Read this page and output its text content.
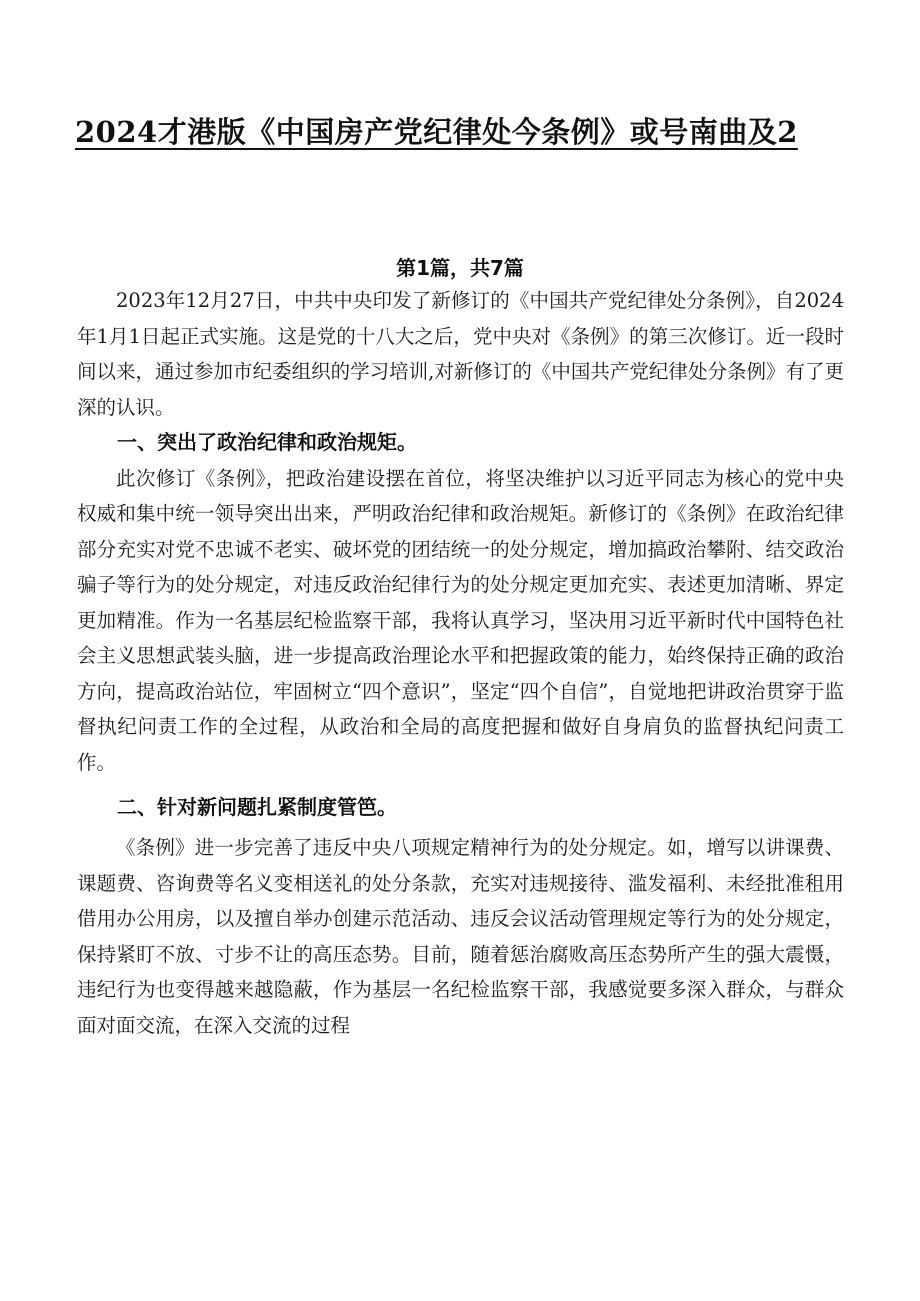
2024才港版《中国房产党纪律处今条例》或号南曲及2
第1篇，共7篇

2023年12月27日，中共中央印发了新修订的《中国共产党纪律处分条例》，自2024年1月1日起正式实施。这是党的十八大之后，党中央对《条例》的第三次修订。近一段时间以来，通过参加市纪委组织的学习培训,对新修订的《中国共产党纪律处分条例》有了更深的认识。

一、突出了政治纪律和政治规矩。

此次修订《条例》，把政治建设摆在首位，将坚决维护以习近平同志为核心的党中央权威和集中统一领导突出出来，严明政治纪律和政治规矩。新修订的《条例》在政治纪律部分充实对党不忠诚不老实、破坏党的团结统一的处分规定，增加搞政治攀附、结交政治骗子等行为的处分规定，对违反政治纪律行为的处分规定更加充实、表述更加清晰、界定更加精准。作为一名基层纪检监察干部，我将认真学习，坚决用习近平新时代中国特色社会主义思想武装头脑，进一步提高政治理论水平和把握政策的能力，始终保持正确的政治方向，提高政治站位，牢固树立“四个意识”，坚定“四个自信”，自觉地把讲政治贯穿于监督执纪问责工作的全过程，从政治和全局的高度把握和做好自身肩负的监督执纪问责工作。

二、针对新问题扎紧制度管笆。

《条例》进一步完善了违反中央八项规定精神行为的处分规定。如，增写以讲课费、课题费、咨询费等名义变相送礼的处分条款，充实对违规接待、滥发福利、未经批准租用借用办公用房，以及擅自举办创建示范活动、违反会议活动管理规定等行为的处分规定，保持紧盯不放、寸步不让的高压态势。目前，随着惩治腐败高压态势所产生的强大震慑，违纪行为也变得越来越隐蔽，作为基层一名纪检监察干部，我感觉要多深入群众，与群众面对面交流，在深入交流的过程
